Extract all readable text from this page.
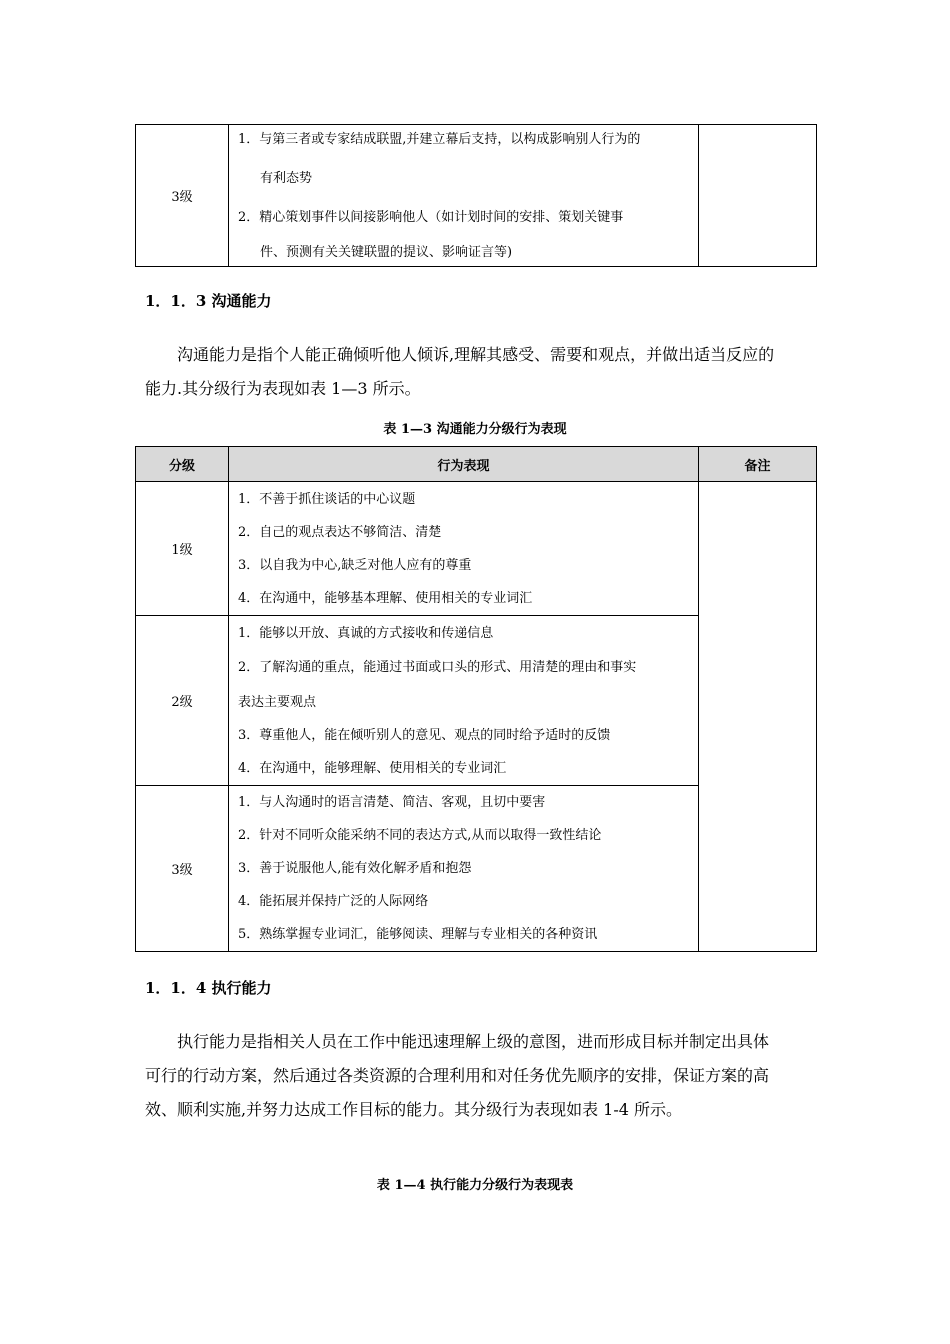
3级	
1．与第三者或专家结成联盟,并建立幕后支持，以构成影响别人行为的
有利态势
2．精心策划事件以间接影响他人（如计划时间的安排、策划关键事
件、预测有关关键联盟的提议、影响证言等)

1．1．3 沟通能力
沟通能力是指个人能正确倾听他人倾诉,理解其感受、需要和观点，并做出适当反应的
能力.其分级行为表现如表 1—3 所示。
表 1—3 沟通能力分级行为表现
分级	行为表现	备注
1级	1．不善于抓住谈话的中心议题
2．自己的观点表达不够简洁、清楚
3．以自我为中心,缺乏对他人应有的尊重
4．在沟通中，能够基本理解、使用相关的专业词汇	

2级	1．能够以开放、真诚的方式接收和传递信息
2．了解沟通的重点，能通过书面或口头的形式、用清楚的理由和事实
表达主要观点
3．尊重他人，能在倾听别人的意见、观点的同时给予适时的反馈
4．在沟通中，能够理解、使用相关的专业词汇	

3级	1．与人沟通时的语言清楚、简洁、客观，且切中要害
2．针对不同听众能采纳不同的表达方式,从而以取得一致性结论
3．善于说服他人,能有效化解矛盾和抱怨
4．能拓展并保持广泛的人际网络
5．熟练掌握专业词汇，能够阅读、理解与专业相关的各种资讯	
1．1．4 执行能力
执行能力是指相关人员在工作中能迅速理解上级的意图，进而形成目标并制定出具体
可行的行动方案，然后通过各类资源的合理利用和对任务优先顺序的安排，保证方案的高
效、顺利实施,并努力达成工作目标的能力。其分级行为表现如表 1-4 所示。
表 1—4 执行能力分级行为表现表
